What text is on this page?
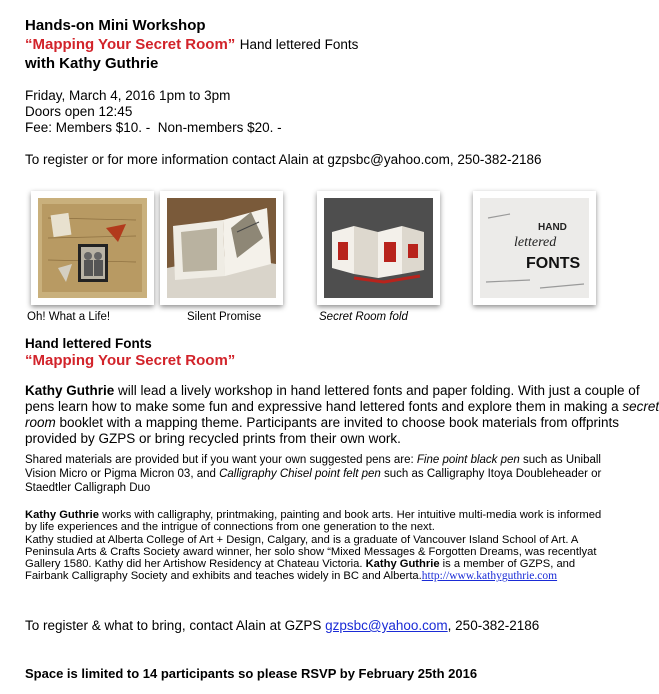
Hands-on Mini Workshop
“Mapping Your Secret Room” Hand lettered Fonts
with Kathy Guthrie
Friday, March 4, 2016 1pm to 3pm
Doors open 12:45
Fee: Members $10. -  Non-members $20. -
To register or for more information contact Alain at gzpsbc@yahoo.com, 250-382-2186
HAND
lettered
FONTS
Oh! What a Life!	Silent Promise	Secret Room fold
Hand lettered Fonts
“Mapping Your Secret Room”
Kathy Guthrie will lead a lively workshop in hand lettered fonts and paper folding. With just a couple of
pens learn how to make some fun and expressive hand lettered fonts and explore them in making a secret
room booklet with a mapping theme. Participants are invited to choose book materials from offprints
provided by GZPS or bring recycled prints from their own work.
Shared materials are provided but if you want your own suggested pens are: Fine point black pen such as Uniball
Vision Micro or Pigma Micron 03, and Calligraphy Chisel point felt pen such as Calligraphy Itoya Doubleheader or
Staedtler Calligraph Duo
Kathy Guthrie works with calligraphy, printmaking, painting and book arts. Her intuitive multi-media work is informed
by life experiences and the intrigue of connections from one generation to the next.
Kathy studied at Alberta College of Art + Design, Calgary, and is a graduate of Vancouver Island School of Art. A
Peninsula Arts & Crafts Society award winner, her solo show “Mixed Messages & Forgotten Dreams, was recentlyat
Gallery 1580. Kathy did her Artishow Residency at Chateau Victoria. Kathy Guthrie is a member of GZPS, and
Fairbank Calligraphy Society and exhibits and teaches widely in BC and Alberta.http://www.kathyguthrie.com
To register & what to bring, contact Alain at GZPS gzpsbc@yahoo.com, 250-382-2186
Space is limited to 14 participants so please RSVP by February 25th 2016
